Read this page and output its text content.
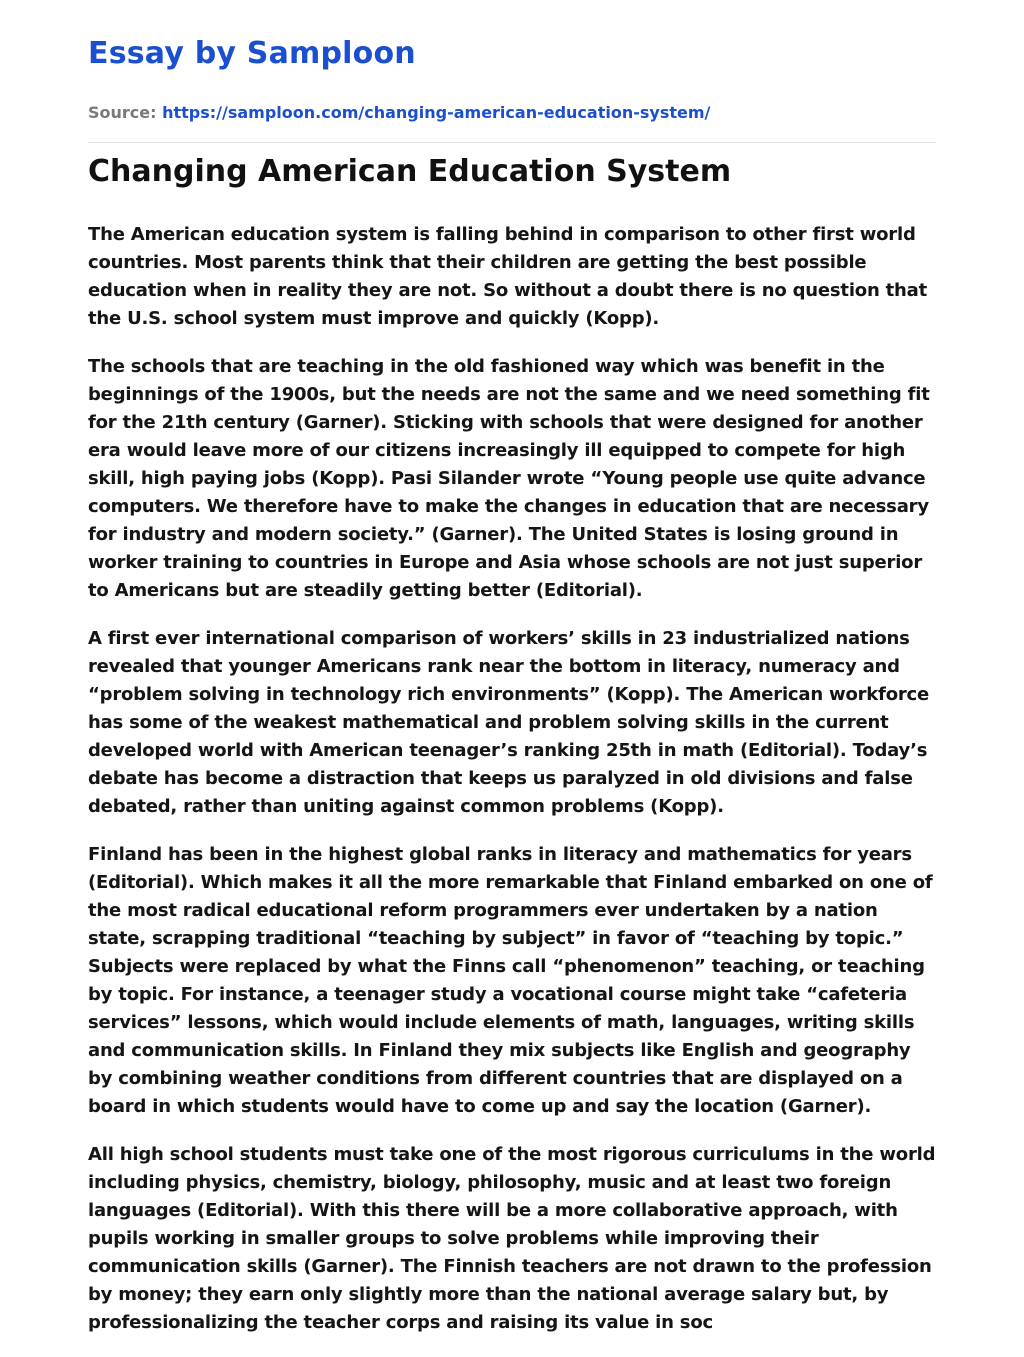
Essay by Samploon
Source: https://samploon.com/changing-american-education-system/
Changing American Education System

The American education system is falling behind in comparison to other first world countries. Most parents think that their children are getting the best possible education when in reality they are not. So without a doubt there is no question that the U.S. school system must improve and quickly (Kopp).

The schools that are teaching in the old fashioned way which was benefit in the beginnings of the 1900s, but the needs are not the same and we need something fit for the 21th century (Garner). Sticking with schools that were designed for another era would leave more of our citizens increasingly ill equipped to compete for high skill, high paying jobs (Kopp). Pasi Silander wrote “Young people use quite advance computers. We therefore have to make the changes in education that are necessary for industry and modern society.” (Garner). The United States is losing ground in worker training to countries in Europe and Asia whose schools are not just superior to Americans but are steadily getting better (Editorial).

A first ever international comparison of workers’ skills in 23 industrialized nations revealed that younger Americans rank near the bottom in literacy, numeracy and “problem solving in technology rich environments” (Kopp). The American workforce has some of the weakest mathematical and problem solving skills in the current developed world with American teenager’s ranking 25th in math (Editorial). Today’s debate has become a distraction that keeps us paralyzed in old divisions and false debated, rather than uniting against common problems (Kopp).

Finland has been in the highest global ranks in literacy and mathematics for years (Editorial). Which makes it all the more remarkable that Finland embarked on one of the most radical educational reform programmers ever undertaken by a nation state, scrapping traditional “teaching by subject” in favor of “teaching by topic.” Subjects were replaced by what the Finns call “phenomenon” teaching, or teaching by topic. For instance, a teenager study a vocational course might take “cafeteria services” lessons, which would include elements of math, languages, writing skills and communication skills. In Finland they mix subjects like English and geography by combining weather conditions from different countries that are displayed on a board in which students would have to come up and say the location (Garner).

All high school students must take one of the most rigorous curriculums in the world including physics, chemistry, biology, philosophy, music and at least two foreign languages (Editorial). With this there will be a more collaborative approach, with pupils working in smaller groups to solve problems while improving their communication skills (Garner). The Finnish teachers are not drawn to the profession by money; they earn only slightly more than the national average salary but, by professionalizing the teacher corps and raising its value in soc
